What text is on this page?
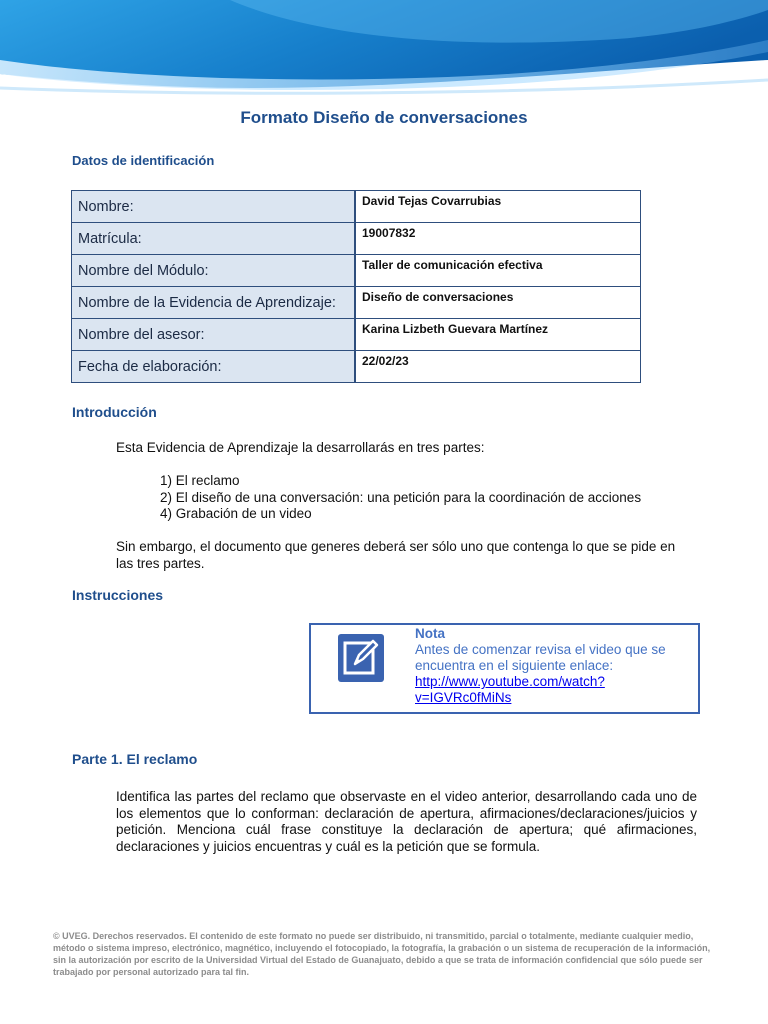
Formato Diseño de conversaciones
Datos de identificación
Nombre:	David Tejas Covarrubias
Matrícula:	19007832
Nombre del Módulo:	Taller de comunicación efectiva
Nombre de la Evidencia de Aprendizaje:	Diseño de conversaciones
Nombre del asesor:	Karina Lizbeth Guevara Martínez
Fecha de elaboración:	22/02/23
Introducción
Esta Evidencia de Aprendizaje la desarrollarás en tres partes:
1) El reclamo
2) El diseño de una conversación: una petición para la coordinación de acciones
4) Grabación de un video
Sin embargo, el documento que generes deberá ser sólo uno que contenga lo que se pide en las tres partes.
Instrucciones
Nota
Antes de comenzar revisa el video que se encuentra en el siguiente enlace:
http://www.youtube.com/watch?v=IGVRc0fMiNs
Parte 1. El reclamo
Identifica las partes del reclamo que observaste en el video anterior, desarrollando cada uno de los elementos que lo conforman: declaración de apertura, afirmaciones/declaraciones/juicios y petición. Menciona cuál frase constituye la declaración de apertura; qué afirmaciones, declaraciones y juicios encuentras y cuál es la petición que se formula.
© UVEG. Derechos reservados. El contenido de este formato no puede ser distribuido, ni transmitido, parcial o totalmente, mediante cualquier medio, método o sistema impreso, electrónico, magnético, incluyendo el fotocopiado, la fotografía, la grabación o un sistema de recuperación de la información, sin la autorización por escrito de la Universidad Virtual del Estado de Guanajuato, debido a que se trata de información confidencial que sólo puede ser trabajado por personal autorizado para tal fin.
